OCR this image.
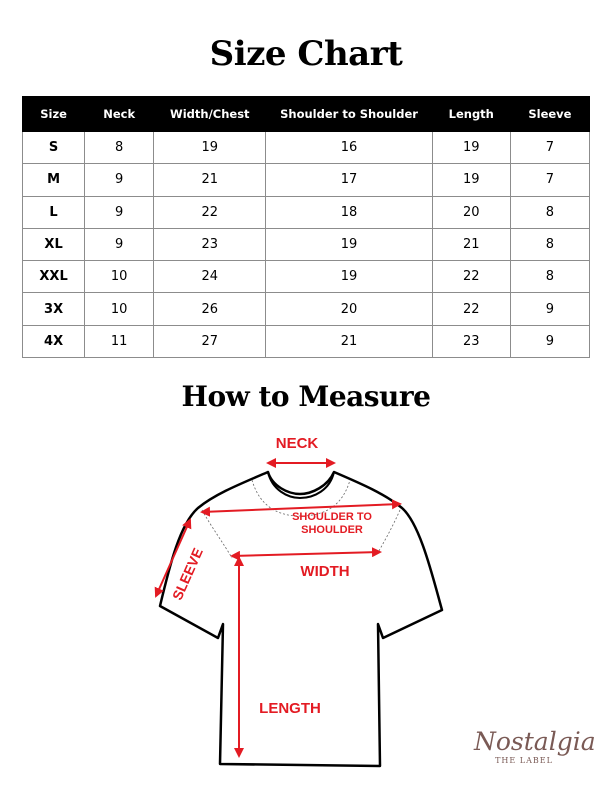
Size Chart
Size	Neck	Width/Chest	Shoulder to Shoulder	Length	Sleeve
S	8	19	16	19	7
M	9	21	17	19	7
L	9	22	18	20	8
XL	9	23	19	21	8
XXL	10	24	19	22	8
3X	10	26	20	22	9
4X	11	27	21	23	9
How to Measure
NECK
SHOULDER TO
SHOULDER
WIDTH
SLEEVE
LENGTH
Nostalgia
THE LABEL
